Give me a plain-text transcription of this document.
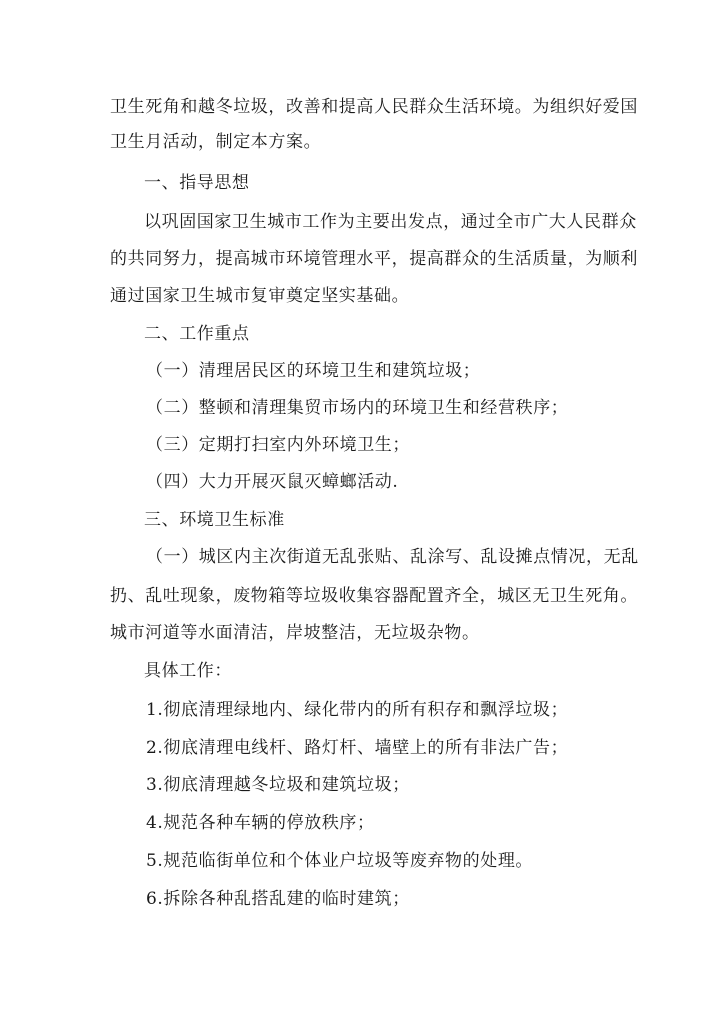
卫生死角和越冬垃圾，改善和提高人民群众生活环境。为组织好爱国
卫生月活动，制定本方案。
一、指导思想
以巩固国家卫生城市工作为主要出发点，通过全市广大人民群众
的共同努力，提高城市环境管理水平，提高群众的生活质量，为顺利
通过国家卫生城市复审奠定坚实基础。
二、工作重点
（一）清理居民区的环境卫生和建筑垃圾；
（二）整顿和清理集贸市场内的环境卫生和经营秩序；
（三）定期打扫室内外环境卫生；
（四）大力开展灭鼠灭蟑螂活动.
三、环境卫生标准
（一）城区内主次街道无乱张贴、乱涂写、乱设摊点情况，无乱
扔、乱吐现象，废物箱等垃圾收集容器配置齐全，城区无卫生死角。
城市河道等水面清洁，岸坡整洁，无垃圾杂物。
具体工作：
1.彻底清理绿地内、绿化带内的所有积存和飘浮垃圾；
2.彻底清理电线杆、路灯杆、墙壁上的所有非法广告；
3.彻底清理越冬垃圾和建筑垃圾；
4.规范各种车辆的停放秩序；
5.规范临街单位和个体业户垃圾等废弃物的处理。
6.拆除各种乱搭乱建的临时建筑；
